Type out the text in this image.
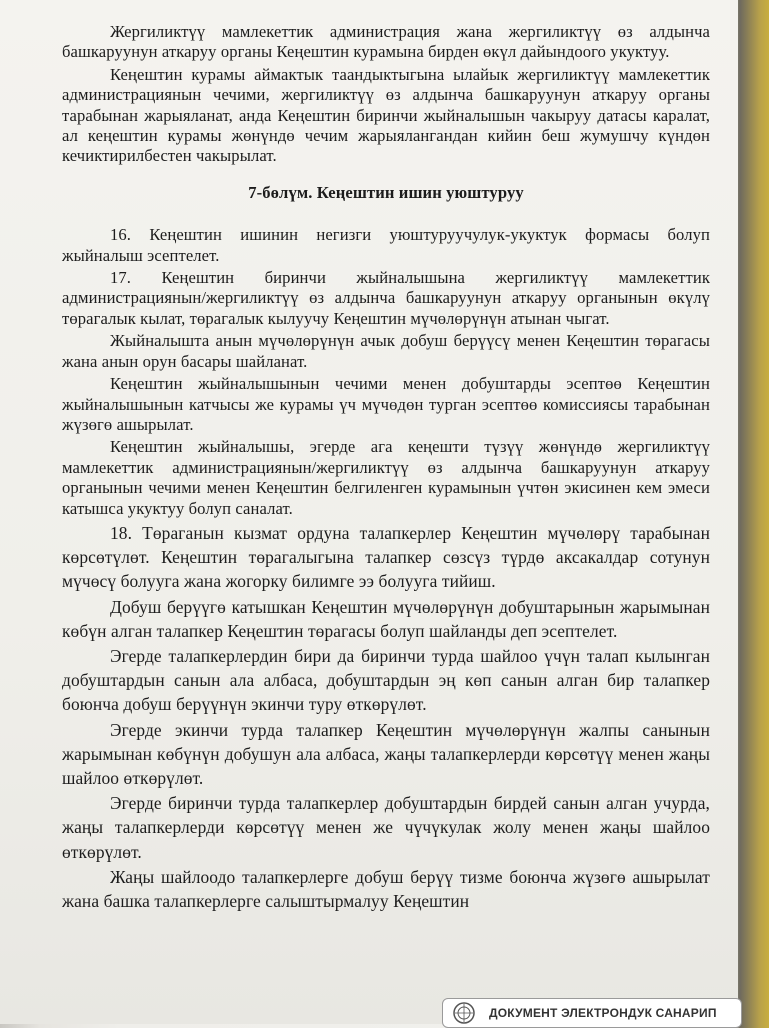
Жергиликтүү мамлекеттик администрация жана жергиликтүү өз алдынча башкаруунун аткаруу органы Кеңештин курамына бирден өкүл дайындоого укуктуу.

Кеңештин курамы аймактык таандыктыгына ылайык жергиликтүү мамлекеттик администрациянын чечими, жергиликтүү өз алдынча башкаруунун аткаруу органы тарабынан жарыяланат, анда Кеңештин биринчи жыйналышын чакыруу датасы каралат, ал кеңештин курамы жөнүндө чечим жарыялангандан кийин беш жумушчу күндөн кечиктирилбестен чакырылат.

7-бөлүм. Кеңештин ишин уюштуруу

16. Кеңештин ишинин негизги уюштуруучулук-укуктук формасы болуп жыйналыш эсептелет.

17. Кеңештин биринчи жыйналышына жергиликтүү мамлекеттик администрациянын/жергиликтүү өз алдынча башкаруунун аткаруу органынын өкүлү төрагалык кылат, төрагалык кылуучу Кеңештин мүчөлөрүнүн атынан чыгат.

Жыйналышта анын мүчөлөрүнүн ачык добуш берүүсү менен Кеңештин төрагасы жана анын орун басары шайланат.

Кеңештин жыйналышынын чечими менен добуштарды эсептөө Кеңештин жыйналышынын катчысы же курамы үч мүчөдөн турган эсептөө комиссиясы тарабынан жүзөгө ашырылат.

Кеңештин жыйналышы, эгерде ага кеңешти түзүү жөнүндө жергиликтүү мамлекеттик администрациянын/жергиликтүү өз алдынча башкаруунун аткаруу органынын чечими менен Кеңештин белгиленген курамынын үчтөн экисинен кем эмеси катышса укуктуу болуп саналат.

18. Төраганын кызмат ордуна талапкерлер Кеңештин мүчөлөрү тарабынан көрсөтүлөт. Кеңештин төрагалыгына талапкер сөзсүз түрдө аксакалдар сотунун мүчөсү болууга жана жогорку билимге ээ болууга тийиш.

Добуш берүүгө катышкан Кеңештин мүчөлөрүнүн добуштарынын жарымынан көбүн алган талапкер Кеңештин төрагасы болуп шайланды деп эсептелет.

Эгерде талапкерлердин бири да биринчи турда шайлоо үчүн талап кылынган добуштардын санын ала албаса, добуштардын эң көп санын алган бир талапкер боюнча добуш берүүнүн экинчи туру өткөрүлөт.

Эгерде экинчи турда талапкер Кеңештин мүчөлөрүнүн жалпы санынын жарымынан көбүнүн добушун ала албаса, жаңы талапкерлерди көрсөтүү менен жаңы шайлоо өткөрүлөт.

Эгерде биринчи турда талапкерлер добуштардын бирдей санын алган учурда, жаңы талапкерлерди көрсөтүү менен же чүчүкулак жолу менен жаңы шайлоо өткөрүлөт.

Жаңы шайлоодо талапкерлерге добуш берүү тизме боюнча жүзөгө ашырылат жана башка талапкерлерге салыштырмалуу Кеңештин

ДОКУМЕНТ ЭЛЕКТРОНДУК САНАРИП
